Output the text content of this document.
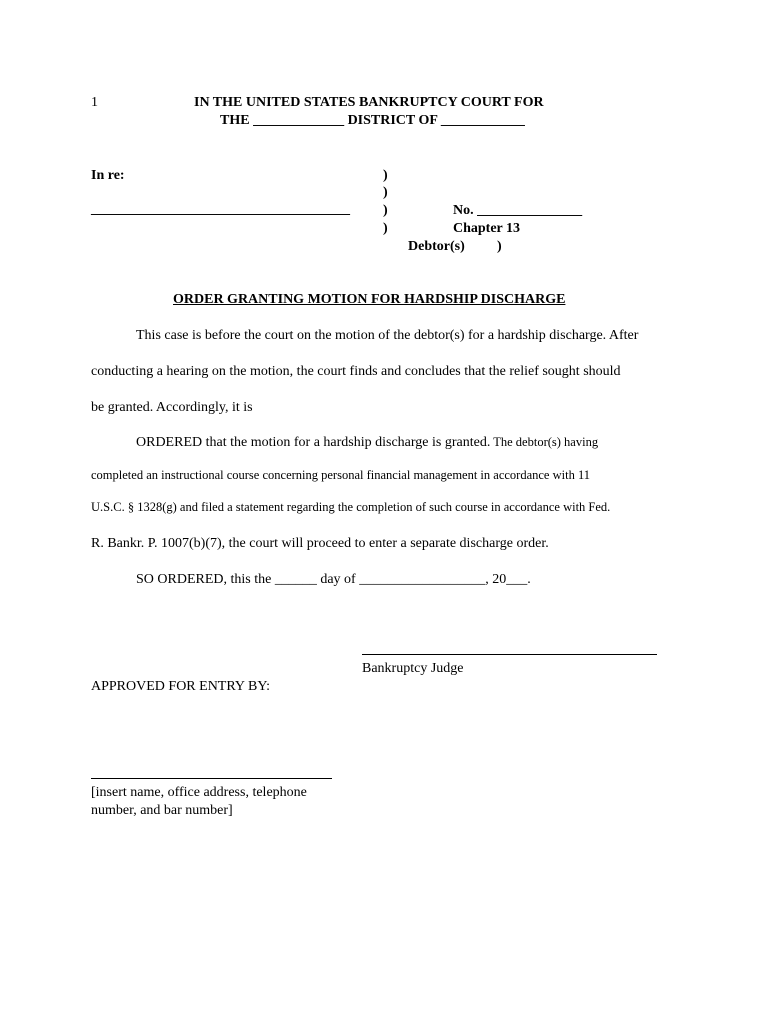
1	IN THE UNITED STATES BANKRUPTCY COURT FOR
THE _____________ DISTRICT OF ____________
In re:	)
)
_____________________________________ )	No. _______________
)	Chapter 13
Debtor(s) )
ORDER GRANTING MOTION FOR HARDSHIP DISCHARGE
This case is before the court on the motion of the debtor(s) for a hardship discharge. After
conducting a hearing on the motion, the court finds and concludes that the relief sought should
be granted. Accordingly, it is
ORDERED that the motion for a hardship discharge is granted. The debtor(s) having
completed an instructional course concerning personal financial management in accordance with 11
U.S.C. § 1328(g) and filed a statement regarding the completion of such course in accordance with Fed.
R. Bankr. P. 1007(b)(7), the court will proceed to enter a separate discharge order.
SO ORDERED, this the ______ day of __________________, 20___.
Bankruptcy Judge
APPROVED FOR ENTRY BY:
[insert name, office address, telephone
number, and bar number]
